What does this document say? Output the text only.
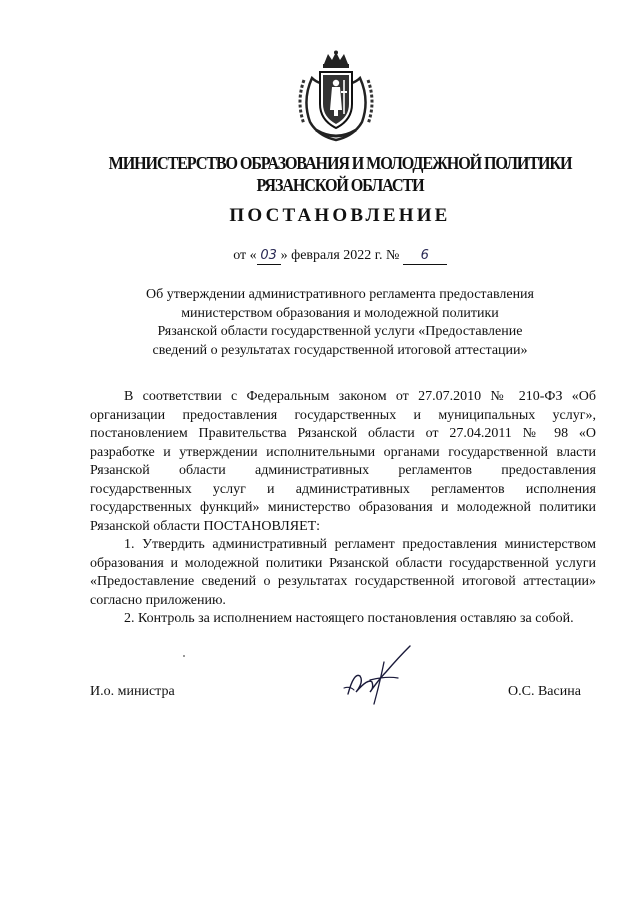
МИНИСТЕРСТВО ОБРАЗОВАНИЯ И МОЛОДЕЖНОЙ ПОЛИТИКИ
РЯЗАНСКОЙ ОБЛАСТИ
ПОСТАНОВЛЕНИЕ
от « 03 » февраля 2022 г. № 6
Об утверждении административного регламента предоставления
министерством образования и молодежной политики
Рязанской области государственной услуги «Предоставление
сведений о результатах государственной итоговой аттестации»

В соответствии с Федеральным законом от 27.07.2010 № 210-ФЗ «Об организации предоставления государственных и муниципальных услуг», постановлением Правительства Рязанской области от 27.04.2011 № 98 «О разработке и утверждении исполнительными органами государственной власти Рязанской области административных регламентов предоставления государственных услуг и административных регламентов исполнения государственных функций» министерство образования и молодежной политики Рязанской области ПОСТАНОВЛЯЕТ:

1. Утвердить административный регламент предоставления министерством образования и молодежной политики Рязанской области государственной услуги «Предоставление сведений о результатах государственной итоговой аттестации» согласно приложению.

2. Контроль за исполнением настоящего постановления оставляю за собой.

И.о. министра	О.С. Васина
